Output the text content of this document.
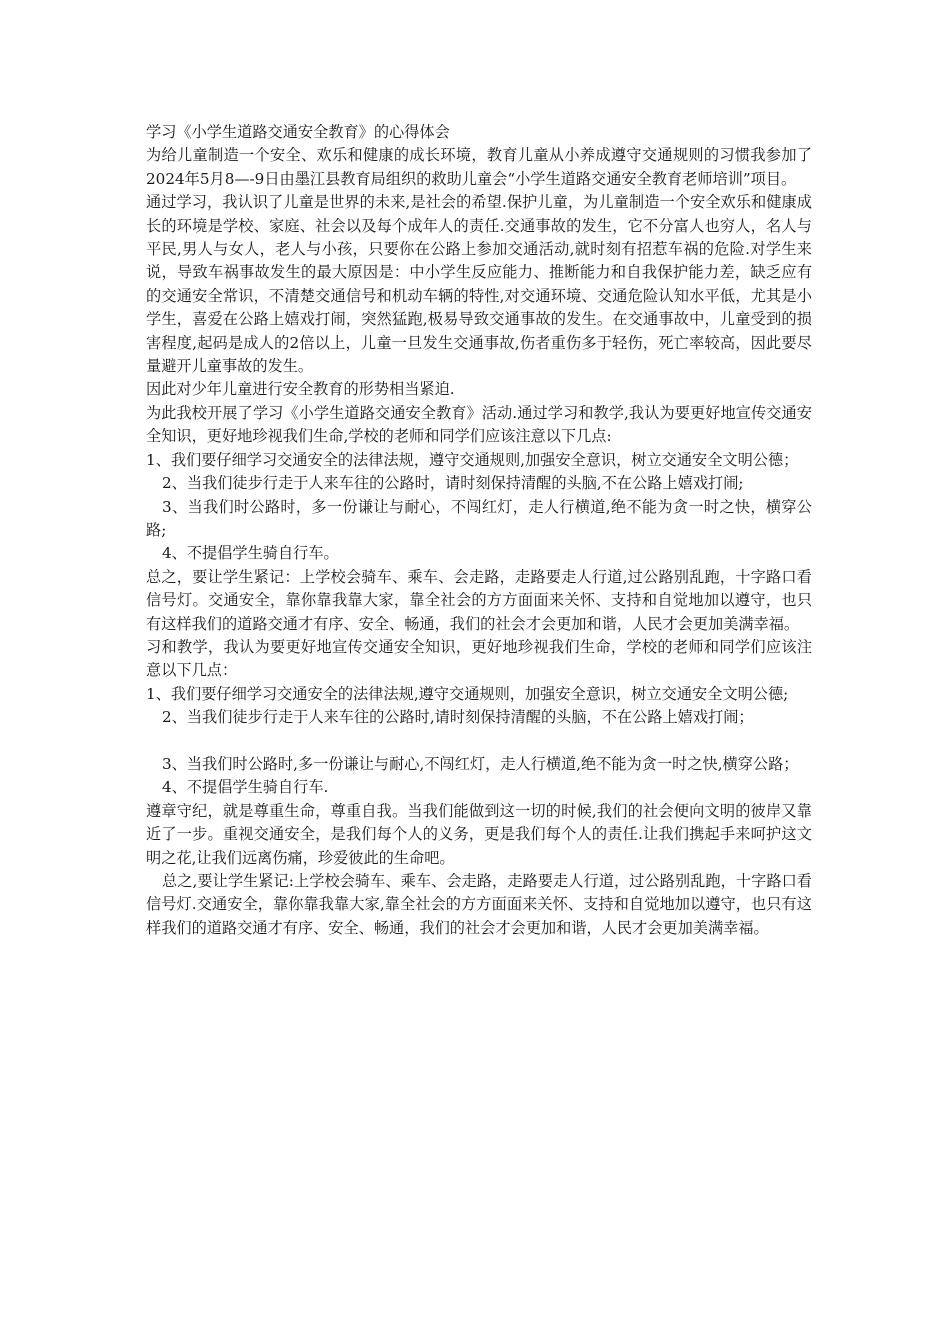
学习《小学生道路交通安全教育》的心得体会

为给儿童制造一个安全、欢乐和健康的成长环境，教育儿童从小养成遵守交通规则的习惯我参加了2024年5月8—-9日由墨江县教育局组织的救助儿童会“小学生道路交通安全教育老师培训”项目。

通过学习，我认识了儿童是世界的未来,是社会的希望.保护儿童，为儿童制造一个安全欢乐和健康成长的环境是学校、家庭、社会以及每个成年人的责任.交通事故的发生，它不分富人也穷人，名人与平民,男人与女人，老人与小孩，只要你在公路上参加交通活动,就时刻有招惹车祸的危险.对学生来说，导致车祸事故发生的最大原因是：中小学生反应能力、推断能力和自我保护能力差，缺乏应有的交通安全常识，不清楚交通信号和机动车辆的特性,对交通环境、交通危险认知水平低，尤其是小学生，喜爱在公路上嬉戏打闹，突然猛跑,极易导致交通事故的发生。在交通事故中，儿童受到的损害程度,起码是成人的2倍以上，儿童一旦发生交通事故,伤者重伤多于轻伤，死亡率较高，因此要尽量避开儿童事故的发生。

因此对少年儿童进行安全教育的形势相当紧迫.

为此我校开展了学习《小学生道路交通安全教育》活动.通过学习和教学,我认为要更好地宣传交通安全知识，更好地珍视我们生命,学校的老师和同学们应该注意以下几点:

1、我们要仔细学习交通安全的法律法规，遵守交通规则,加强安全意识，树立交通安全文明公德；

2、当我们徒步行走于人来车往的公路时，请时刻保持清醒的头脑,不在公路上嬉戏打闹;

3、当我们时公路时，多一份谦让与耐心，不闯红灯，走人行横道,绝不能为贪一时之快，横穿公路;

4、不提倡学生骑自行车。

总之，要让学生紧记：上学校会骑车、乘车、会走路，走路要走人行道,过公路别乱跑，十字路口看信号灯。交通安全，靠你靠我靠大家，靠全社会的方方面面来关怀、支持和自觉地加以遵守，也只有这样我们的道路交通才有序、安全、畅通，我们的社会才会更加和谐，人民才会更加美满幸福。

习和教学，我认为要更好地宣传交通安全知识，更好地珍视我们生命，学校的老师和同学们应该注意以下几点：

1、我们要仔细学习交通安全的法律法规,遵守交通规则，加强安全意识，树立交通安全文明公德;

2、当我们徒步行走于人来车往的公路时,请时刻保持清醒的头脑，不在公路上嬉戏打闹；

3、当我们时公路时,多一份谦让与耐心,不闯红灯，走人行横道,绝不能为贪一时之快,横穿公路；

4、不提倡学生骑自行车.

遵章守纪，就是尊重生命，尊重自我。当我们能做到这一切的时候,我们的社会便向文明的彼岸又靠近了一步。重视交通安全，是我们每个人的义务，更是我们每个人的责任.让我们携起手来呵护这文明之花,让我们远离伤痛，珍爱彼此的生命吧。

总之,要让学生紧记:上学校会骑车、乘车、会走路，走路要走人行道，过公路别乱跑，十字路口看信号灯.交通安全，靠你靠我靠大家,靠全社会的方方面面来关怀、支持和自觉地加以遵守，也只有这样我们的道路交通才有序、安全、畅通，我们的社会才会更加和谐，人民才会更加美满幸福。
